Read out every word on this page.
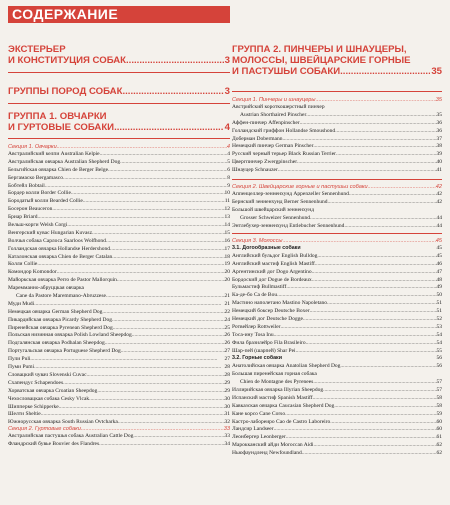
СОДЕРЖАНИЕ
ЭКСТЕРЬЕР
И КОНСТИТУЦИЯ СОБАК .....	3
ГРУППЫ ПОРОД СОБАК .....	3
ГРУППА 1. ОВЧАРКИ
И ГУРТОВЫЕ СОБАКИ .....	4
Секция 1. Овчарки .....	4
Австралийский келпи Australian Kelpie .....	4
Австралийская овчарка Australian Shepherd Dog .....	5
Бельгийская овчарка Chien de Berger Belge .....	6
Бергамаско Bergamasco .....	8
Бобтейл Bobtail .....	9
Бордер колли Border Collie .....	10
Бородатый колли Bearded Collie .....	11
Босерон Beauceron .....	12
Бриар Briard .....	13
Вельш-корги Welsh Corgi .....	14
Венгерский кувас Hungarian Kuvasz .....	15
Волчья собака Сарлоса Saarloos Wolfhond .....	16
Голландская овчарка Hollandse Herdershond .....	17
Каталонская овчарка Chien de Berger Catalan .....	18
Колли Collie .....	19
Комондор Komondor .....	20
Майоркская овчарка Perro de Pastor Mallorquin .....	20
Маремманно-абруццкая овчарка
Cane da Pastore Maremmano-Abruzzese .....	21
Муди Mudi .....	21
Немецкая овчарка German Shepherd Dog .....	22
Пикардийская овчарка Picardy Shepherd Dog .....	24
Пиренейская овчарка Pyrenean Shepherd Dog .....	25
Польская низинная овчарка Polish Lowland Sheepdog .....	26
Подгалянская овчарка Podhalan Sheepdog .....	26
Португальская овчарка Portuguese Shepherd Dog .....	27
Пули Puli .....	27
Пуми Pumi .....	28
Словацкий чувач Slovenski Cuvac .....	28
Схапендус Schapendoes .....	29
Хорватская овчарка Croatian Sheepdog .....	29
Чехословацкая собака Cesky Vlcak .....	30
Шипперке Schipperke .....	30
Шелти Sheltie .....	31
Южнорусская овчарка South Russian Ovtcharka .....	32
Секция 2. Гуртовые собаки .....	33
Австралийская пастушья собака Australian Cattle Dog .....	33
Фландрский бувье Bouvier des Flandres .....	34
ГРУППА 2. ПИНЧЕРЫ И ШНАУЦЕРЫ,
МОЛОССЫ, ШВЕЙЦАРСКИЕ ГОРНЫЕ
И ПАСТУШЬИ СОБАКИ .....	35
Секция 1. Пинчеры и шнауцеры .....	35
Австрийский короткошерстный пинчер
Austrian Shorthaired Pinscher .....	35
Аффен-пинчер Affenpinscher .....	36
Голландский гриффон Hollandse Smoushond .....	36
Доберман Dobermann .....	37
Немецкий пинчер German Pinscher .....	38
Русский черный терьер Black Russian Terrier .....	39
Цвергпинчер Zwergpinscher .....	40
Шнауцер Schnauzer .....	41
Секция 2. Швейцарские горные и пастушьи собаки .....	42
Аппенцеллер-зенненхунд Appenzeller Sennenhund .....	42
Бернский зенненхунд Berner Sennenhund .....	42
Большой швейцарский зенненхунд
Grosser Schweizer Sennenhund .....	44
Энтлебухер-зенненхунд Entlebucher Sennenhund .....	44
Секция 3. Молоссы .....	45
3.1. Догообразные собаки	45
Английский бульдог English Bulldog .....	45
Английский мастиф English Mastiff .....	46
Аргентинский дог Dogo Argentino .....	47
Бордоский дог Dogue de Bordeaux .....	48
Бульмастиф Bullmastiff .....	49
Ка-де-бо Ca de Bou .....	50
Мастино наполетано Mastino Napoletano .....	51
Немецкий боксер Deutsche Boxer .....	51
Немецкий дог Deutsche Dogge .....	52
Ротвейлер Rottweiler .....	53
Тоса-ину Tosa Inu .....	54
Фила бразилейро Fila Brasileiro .....	54
Шар-пей (шарпей) Shar Pei .....	55
3.2. Горные собаки	56
Анатолийская овчарка Anatolian Shepherd Dog .....	56
Большая пиренейская горная собака
Chien de Montagne des Pyrenees .....	57
Иллирийская овчарка Illyrian Sheepdog .....	57
Испанский мастиф Spanish Mastiff .....	58
Кавказская овчарка Caucasian Shepherd Dog .....	58
Кане корсо Cane Corso .....	59
Кастро-лабореиро Cao de Castro Laboreiro .....	60
Ландсир Landseer .....	60
Леонбергер Leonberger .....	61
Марокканский айди Moroccan Aidi .....	62
Ньюфаундленд Newfoundland .....	62
